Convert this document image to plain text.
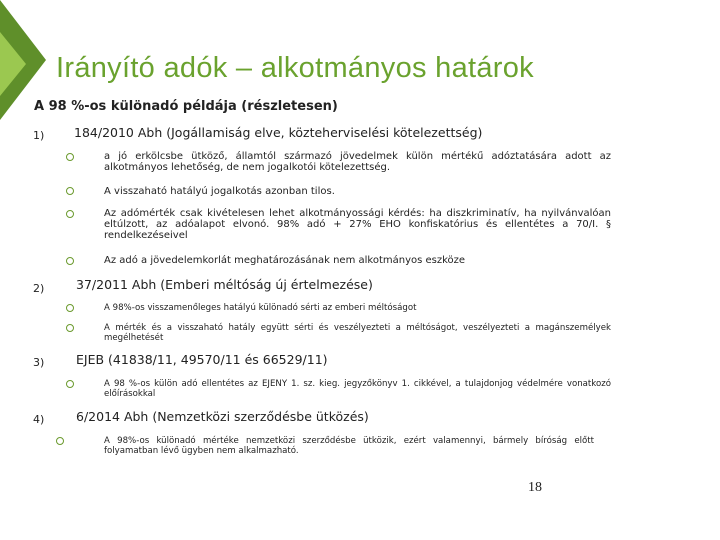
Irányító adók – alkotmányos határok
A 98 %-os különadó példája (részletesen)
1) 184/2010 Abh (Jogállamiság elve, közteherviselési kötelezettség)
a jó erkölcsbe ütköző, államtól származó jövedelmek külön mértékű adóztatására adott az alkotmányos lehetőség, de nem jogalkotói kötelezettség.
A visszaható hatályú jogalkotás azonban tilos.
Az adómérték csak kivételesen lehet alkotmányossági kérdés: ha diszkriminatív, ha nyilvánvalóan eltúlzott, az adóalapot elvonó. 98% adó + 27% EHO konfiskatórius és ellentétes a 70/I. § rendelkezéseivel
Az adó a jövedelemkorlát meghatározásának nem alkotmányos eszköze
2)	37/2011 Abh (Emberi méltóság új értelmezése)
A 98%-os visszamenőleges hatályú különadó sérti az emberi méltóságot
A mérték és a visszaható hatály együtt sérti és veszélyezteti a méltóságot, veszélyezteti a magánszemélyek megélhetését
3)	EJEB (41838/11, 49570/11 és 66529/11)
A 98 %-os külön adó ellentétes az EJENY 1. sz. kieg. jegyzőkönyv 1. cikkével, a tulajdonjog védelmére vonatkozó előírásokkal
4)	6/2014 Abh (Nemzetközi szerződésbe ütközés)
A 98%-os különadó mértéke nemzetközi szerződésbe ütközik, ezért valamennyi, bármely bíróság előtt folyamatban lévő ügyben nem alkalmazható.
18
